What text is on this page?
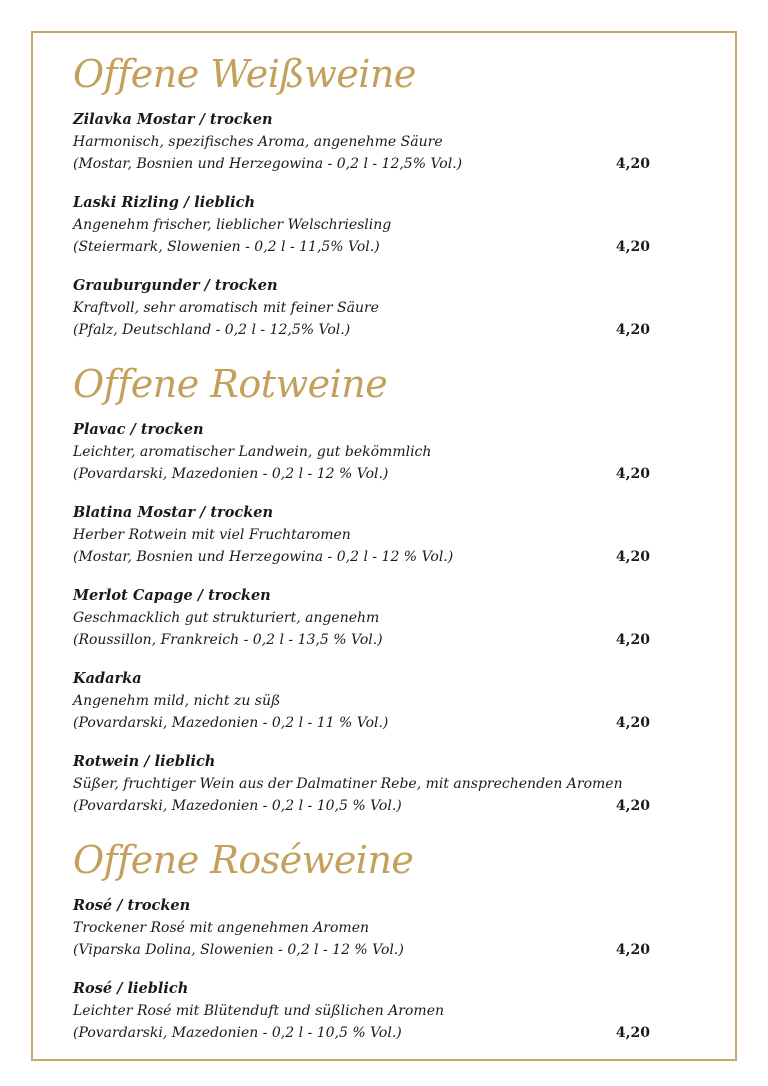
Offene Weißweine
Zilavka Mostar / trocken
Harmonisch, spezifisches Aroma, angenehme Säure
(Mostar, Bosnien und Herzegowina - 0,2 l - 12,5% Vol.)	4,20
Laski Rizling / lieblich
Angenehm frischer, lieblicher Welschriesling
(Steiermark, Slowenien - 0,2 l - 11,5% Vol.)	4,20
Grauburgunder / trocken
Kraftvoll, sehr aromatisch mit feiner Säure
(Pfalz, Deutschland - 0,2 l - 12,5% Vol.)	4,20
Offene Rotweine
Plavac / trocken
Leichter, aromatischer Landwein, gut bekömmlich
(Povardarski, Mazedonien - 0,2 l - 12 % Vol.)	4,20
Blatina Mostar / trocken
Herber Rotwein mit viel Fruchtaromen
(Mostar, Bosnien und Herzegowina - 0,2 l - 12 % Vol.)	4,20
Merlot Capage / trocken
Geschmacklich gut strukturiert, angenehm
(Roussillon, Frankreich - 0,2 l - 13,5 % Vol.)	4,20
Kadarka
Angenehm mild, nicht zu süß
(Povardarski, Mazedonien - 0,2 l - 11 % Vol.)	4,20
Rotwein / lieblich
Süßer, fruchtiger Wein aus der Dalmatiner Rebe, mit ansprechenden Aromen
(Povardarski, Mazedonien - 0,2 l - 10,5 % Vol.)	4,20
Offene Roséweine
Rosé / trocken
Trockener Rosé mit angenehmen Aromen
(Viparska Dolina, Slowenien - 0,2 l - 12 % Vol.)	4,20
Rosé / lieblich
Leichter Rosé mit Blütenduft und süßlichen Aromen
(Povardarski, Mazedonien - 0,2 l - 10,5 % Vol.)	4,20
